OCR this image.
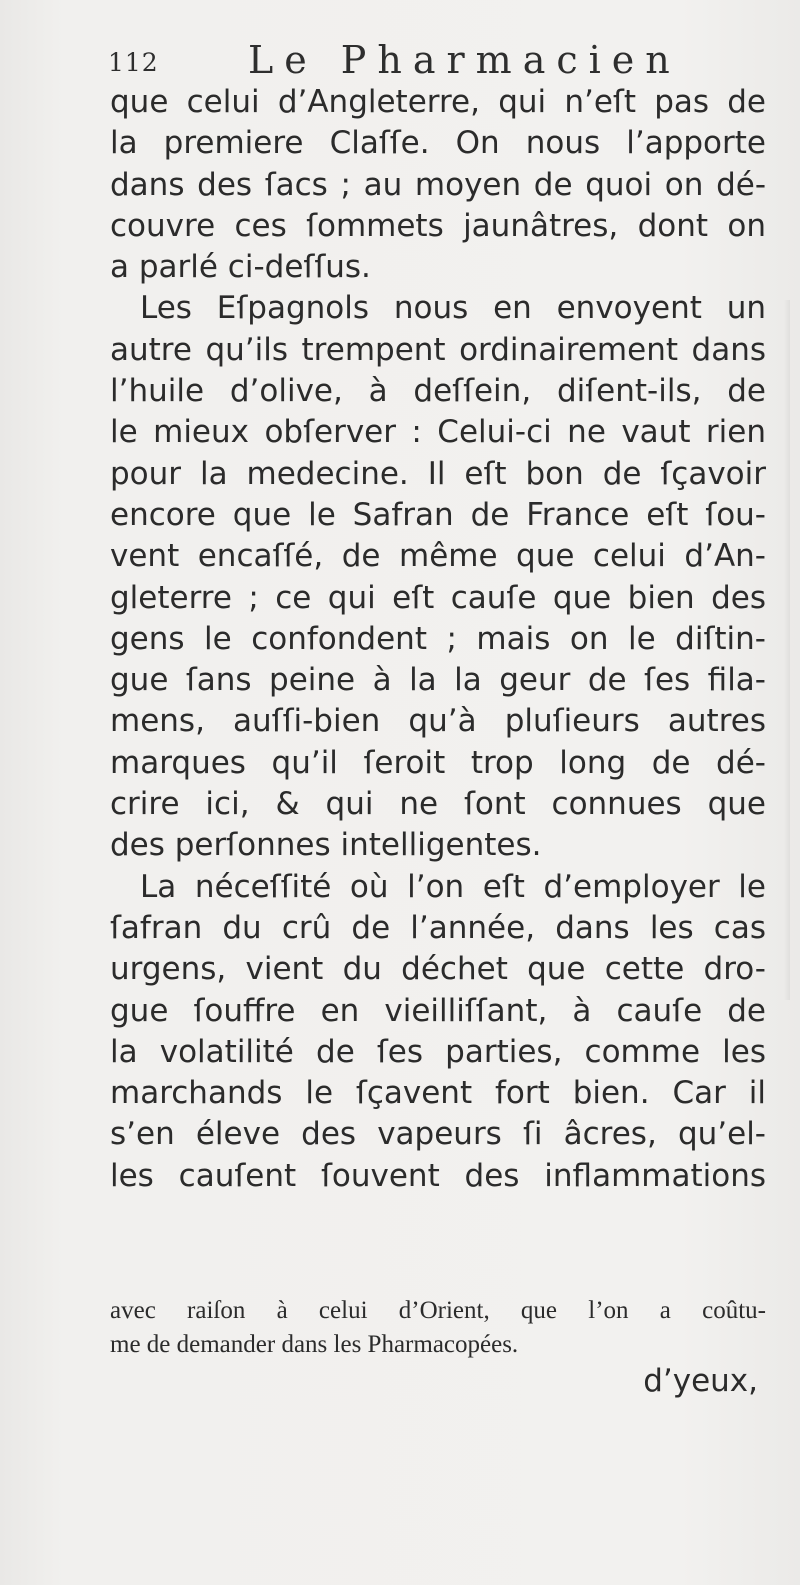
112 Le Pharmacien
que celui d’Angleterre, qui n’eſt pas de
la premiere Claſſe. On nous l’apporte
dans des ſacs ; au moyen de quoi on dé-
couvre ces ſommets jaunâtres, dont on
a parlé ci-deſſus.
Les Eſpagnols nous en envoyent un
autre qu’ils trempent ordinairement dans
l’huile d’olive, à deſſein, diſent-ils, de
le mieux obſerver : Celui-ci ne vaut rien
pour la medecine. Il eſt bon de ſçavoir
encore que le Safran de France eſt ſou-
vent encaſſé, de même que celui d’An-
gleterre ; ce qui eſt cauſe que bien des
gens le confondent ; mais on le diſtin-
gue ſans peine à la la geur de ſes fila-
mens, auſſi-bien qu’à pluſieurs autres
marques qu’il ſeroit trop long de dé-
crire ici, & qui ne ſont connues que
des perſonnes intelligentes.
La néceſſité où l’on eſt d’employer le
ſafran du crû de l’année, dans les cas
urgens, vient du déchet que cette dro-
gue ſouffre en vieilliſſant, à cauſe de
la volatilité de ſes parties, comme les
marchands le ſçavent fort bien. Car il
s’en éleve des vapeurs ſi âcres, qu’el-
les cauſent ſouvent des inflammations
avec raiſon à celui d’Orient, que l’on a coûtu-
me de demander dans les Pharmacopées.
d’yeux,
